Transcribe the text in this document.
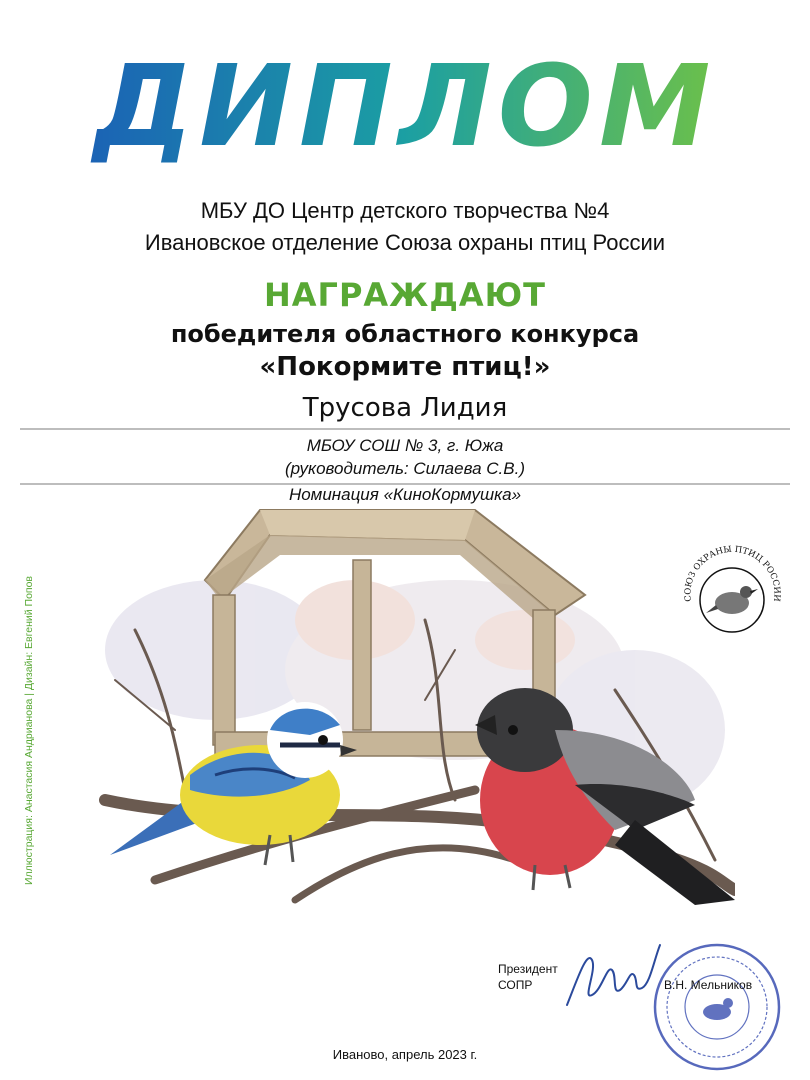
ДИПЛОМ
МБУ ДО Центр детского творчества №4
Ивановское отделение Союза охраны птиц России
НАГРАЖДАЮТ
победителя областного конкурса
«Покормите птиц!»
Трусова Лидия
МБОУ СОШ № 3, г. Южа
(руководитель: Силаева С.В.)
Номинация «КиноКормушка»
СОЮЗ ОХРАНЫ ПТИЦ РОССИИ
Иллюстрация: Анастасия Андрианова | Дизайн: Евгений Попов
Президент
СОПР	В.Н. Мельников
Иваново, апрель 2023 г.
